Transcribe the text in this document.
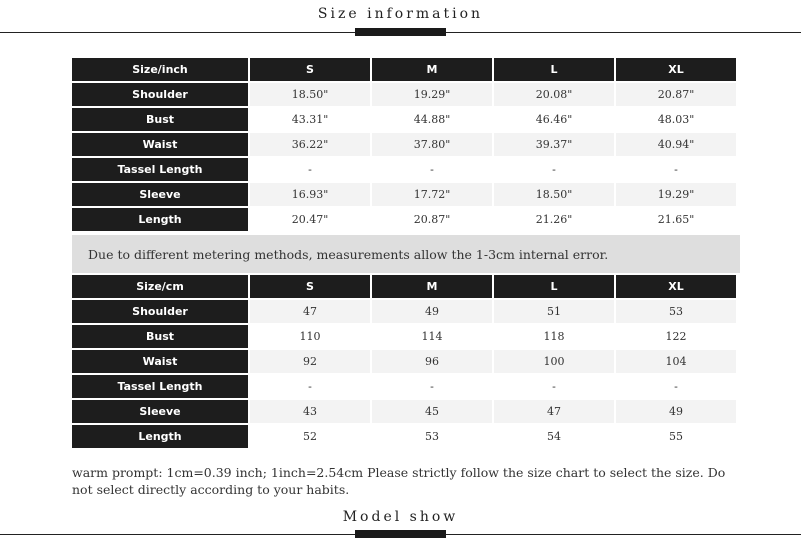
Size information
Size/inch	S	M	L	XL
Shoulder	18.50"	19.29"	20.08"	20.87"
Bust	43.31"	44.88"	46.46"	48.03"
Waist	36.22"	37.80"	39.37"	40.94"
Tassel Length	-	-	-	-
Sleeve	16.93"	17.72"	18.50"	19.29"
Length	20.47"	20.87"	21.26"	21.65"
Due to different metering methods, measurements allow the 1-3cm internal error.
Size/cm	S	M	L	XL
Shoulder	47	49	51	53
Bust	110	114	118	122
Waist	92	96	100	104
Tassel Length	-	-	-	-
Sleeve	43	45	47	49
Length	52	53	54	55
warm prompt: 1cm=0.39 inch; 1inch=2.54cm Please strictly follow the size chart to select the size. Do not select directly according to your habits.
Model show
